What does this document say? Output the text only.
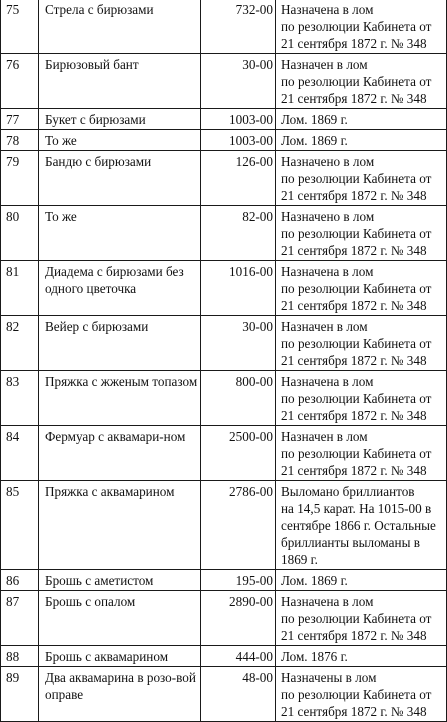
75	Стрела с бирюзами	732-00	Назначена в лом
по резолюции Кабинета от
21 сентября 1872 г. № 348

76	Бирюзовый бант	30-00	Назначен в лом
по резолюции Кабинета от
21 сентября 1872 г. № 348

77	Букет с бирюзами	1003-00	Лом. 1869 г.

78	То же	1003-00	Лом. 1869 г.

79	Бандю с бирюзами	126-00	Назначено в лом
по резолюции Кабинета от
21 сентября 1872 г. № 348

80	То же	82-00	Назначено в лом
по резолюции Кабинета от
21 сентября 1872 г. № 348

81	Диадема с бирюзами без одного цветочка	1016-00	Назначена в лом
по резолюции Кабинета от
21 сентября 1872 г. № 348

82	Вейер с бирюзами	30-00	Назначен в лом
по резолюции Кабинета от
21 сентября 1872 г. № 348

83	Пряжка с жженым топазом	800-00	Назначена в лом
по резолюции Кабинета от
21 сентября 1872 г. № 348

84	Фермуар с аквамари-ном	2500-00	Назначен в лом
по резолюции Кабинета от
21 сентября 1872 г. № 348

85	Пряжка с аквамарином	2786-00	Выломано бриллиантов
на 14,5 карат. На 1015-00 в
сентябре 1866 г. Остальные
бриллианты выломаны в
1869 г.

86	Брошь с аметистом	195-00	Лом. 1869 г.

87	Брошь с опалом	2890-00	Назначена в лом
по резолюции Кабинета от
21 сентября 1872 г. № 348

88	Брошь с аквамарином	444-00	Лом. 1876 г.

89	Два аквамарина в розо-вой оправе	48-00	Назначены в лом
по резолюции Кабинета от
21 сентября 1872 г. № 348
